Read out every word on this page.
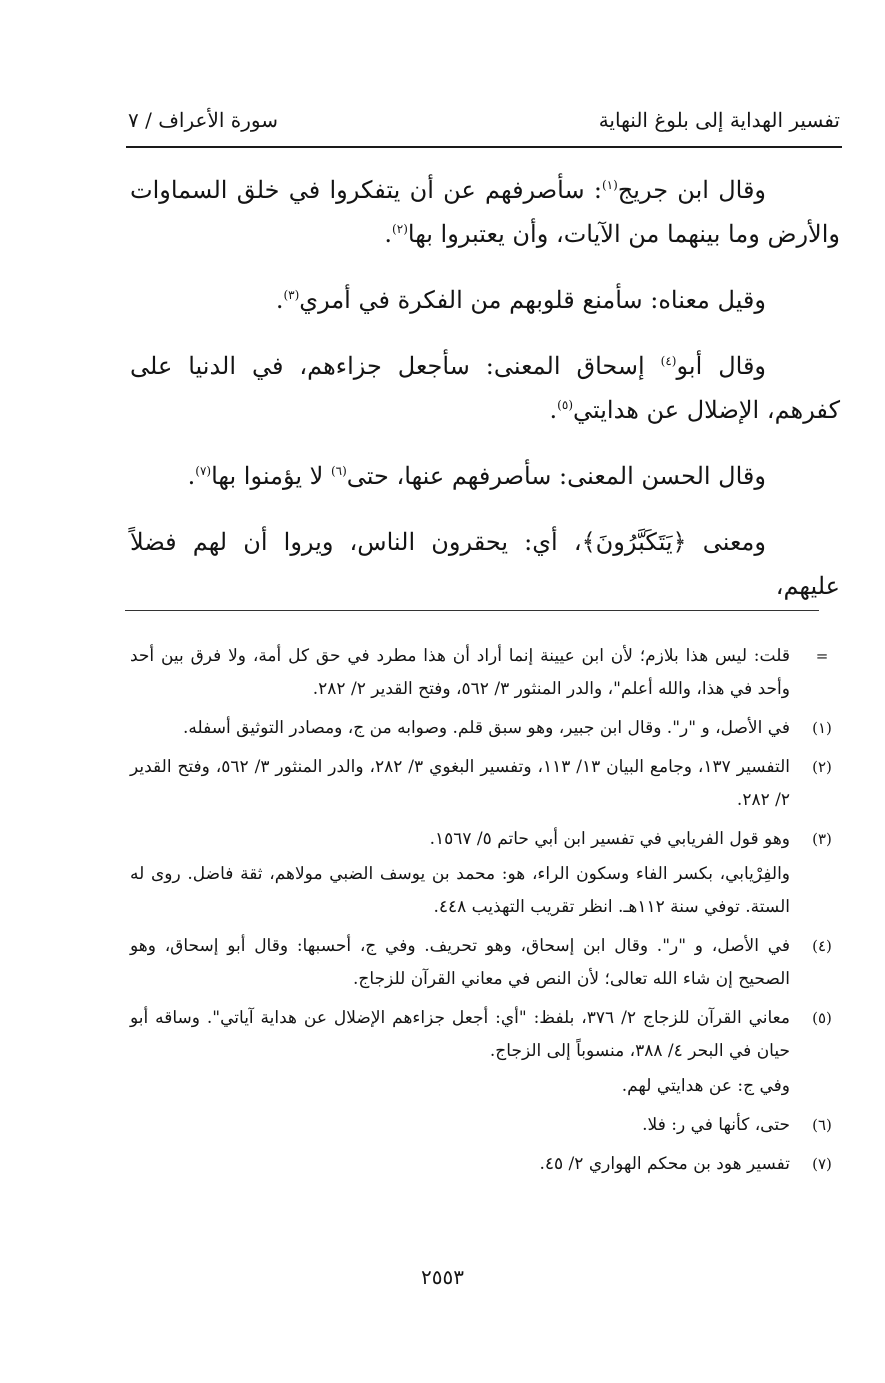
تفسير الهداية إلى بلوغ النهاية
سورة الأعراف / ٧

وقال ابن جريج$^{(١)}$: سأصرفهم عن أن يتفكروا في خلق السماوات والأرض وما بينهما من الآيات، وأن يعتبروا بها$^{(٢)}$.

وقيل معناه: سأمنع قلوبهم من الفكرة في أمري$^{(٣)}$.

وقال أبو$^{(٤)}$ إسحاق المعنى: سأجعل جزاءهم، في الدنيا على كفرهم، الإضلال عن هدايتي$^{(٥)}$.

وقال الحسن المعنى: سأصرفهم عنها، حتى$^{(٦)}$ لا يؤمنوا بها$^{(٧)}$.

ومعنى ﴿يَتَكَبَّرُونَ﴾، أي: يحقرون الناس، ويروا أن لهم فضلاً عليهم،

=
قلت: ليس هذا بلازم؛ لأن ابن عيينة إنما أراد أن هذا مطرد في حق كل أمة، ولا فرق بين أحد وأحد في هذا، والله أعلم"، والدر المنثور ٣/ ٥٦٢، وفتح القدير ٢/ ٢٨٢.
(١)
في الأصل، و "ر". وقال ابن جبير، وهو سبق قلم. وصوابه من ج، ومصادر التوثيق أسفله.
(٢)
التفسير ١٣٧، وجامع البيان ١٣/ ١١٣، وتفسير البغوي ٣/ ٢٨٢، والدر المنثور ٣/ ٥٦٢، وفتح القدير ٢/ ٢٨٢.
(٣)
وهو قول الفريابي في تفسير ابن أبي حاتم ٥/ ١٥٦٧.
والفِرْيابي، بكسر الفاء وسكون الراء، هو: محمد بن يوسف الضبي مولاهم، ثقة فاضل. روى له الستة. توفي سنة ١١٢هـ. انظر تقريب التهذيب ٤٤٨.
(٤)
في الأصل، و "ر". وقال ابن إسحاق، وهو تحريف. وفي ج، أحسبها: وقال أبو إسحاق، وهو الصحيح إن شاء الله تعالى؛ لأن النص في معاني القرآن للزجاج.
(٥)
معاني القرآن للزجاج ٢/ ٣٧٦، بلفظ: "أي: أجعل جزاءهم الإضلال عن هداية آياتي". وساقه أبو حيان في البحر ٤/ ٣٨٨، منسوباً إلى الزجاج.
وفي ج: عن هدايتي لهم.
(٦)
حتى، كأنها في ر: فلا.
(٧)
تفسير هود بن محكم الهواري ٢/ ٤٥.
٢٥٥٣
